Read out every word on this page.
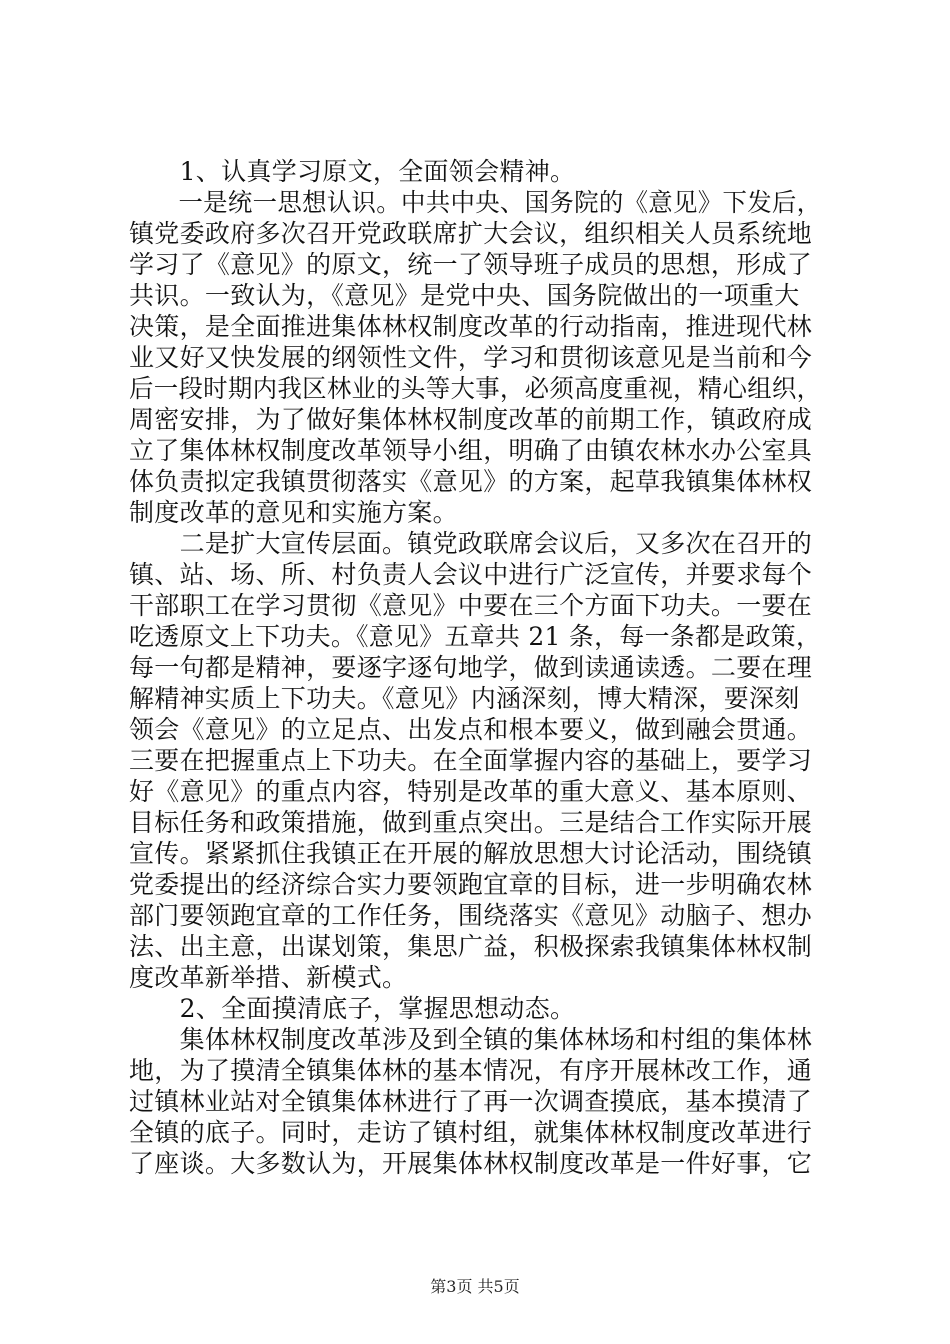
　　1、认真学习原文，全面领会精神。
　　一是统一思想认识。中共中央、国务院的《意见》下发后，
镇党委政府多次召开党政联席扩大会议，组织相关人员系统地
学习了《意见》的原文，统一了领导班子成员的思想，形成了
共识。一致认为，《意见》是党中央、国务院做出的一项重大
决策，是全面推进集体林权制度改革的行动指南，推进现代林
业又好又快发展的纲领性文件，学习和贯彻该意见是当前和今
后一段时期内我区林业的头等大事，必须高度重视，精心组织，
周密安排，为了做好集体林权制度改革的前期工作，镇政府成
立了集体林权制度改革领导小组，明确了由镇农林水办公室具
体负责拟定我镇贯彻落实《意见》的方案，起草我镇集体林权
制度改革的意见和实施方案。
　　二是扩大宣传层面。镇党政联席会议后，又多次在召开的
镇、站、场、所、村负责人会议中进行广泛宣传，并要求每个
干部职工在学习贯彻《意见》中要在三个方面下功夫。一要在
吃透原文上下功夫。《意见》五章共 21 条，每一条都是政策，
每一句都是精神，要逐字逐句地学，做到读通读透。二要在理
解精神实质上下功夫。《意见》内涵深刻，博大精深，要深刻
领会《意见》的立足点、出发点和根本要义，做到融会贯通。
三要在把握重点上下功夫。在全面掌握内容的基础上，要学习
好《意见》的重点内容，特别是改革的重大意义、基本原则、
目标任务和政策措施，做到重点突出。三是结合工作实际开展
宣传。紧紧抓住我镇正在开展的解放思想大讨论活动，围绕镇
党委提出的经济综合实力要领跑宜章的目标，进一步明确农林
部门要领跑宜章的工作任务，围绕落实《意见》动脑子、想办
法、出主意，出谋划策，集思广益，积极探索我镇集体林权制
度改革新举措、新模式。
　　2、全面摸清底子，掌握思想动态。
　　集体林权制度改革涉及到全镇的集体林场和村组的集体林
地，为了摸清全镇集体林的基本情况，有序开展林改工作，通
过镇林业站对全镇集体林进行了再一次调查摸底，基本摸清了
全镇的底子。同时，走访了镇村组，就集体林权制度改革进行
了座谈。大多数认为，开展集体林权制度改革是一件好事，它
第3页 共5页
